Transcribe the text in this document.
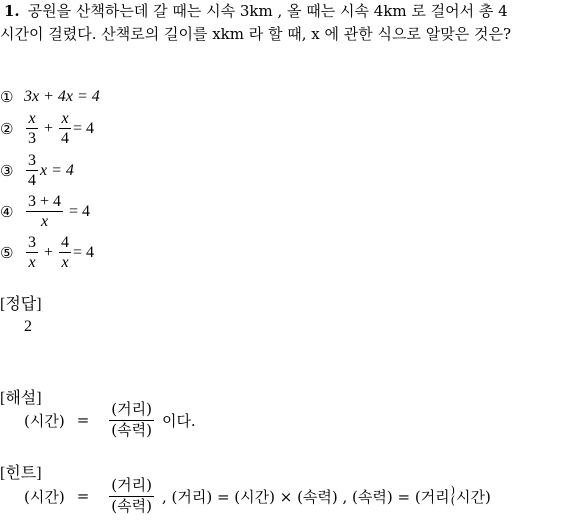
1. 공원을 산책하는데 갈 때는 시속 3km , 올 때는 시속 4km 로 걸어서 총 4
시간이 걸렸다. 산책로의 길이를 xkm 라 할 때, x 에 관한 식으로 알맞은 것은?
① 3x + 4x = 4
② $\frac{x}{3} + \frac{x}{4} = 4$
③ $\frac{3}{4}$ x = 4
④ $\frac{3 + 4}{x} = 4$
⑤ $\frac{3}{x} + \frac{4}{x} = 4$
[정답]
2
[해설]
(시간) = $\frac{\text{(거리)}}{\text{(속력)}}$ 이다.
[힌트]
(시간) = $\frac{\text{(거리)}}{\text{(속력)}}$ , (거리) = (시간) × (속력) , (속력) = (거리 )
( 시간)
